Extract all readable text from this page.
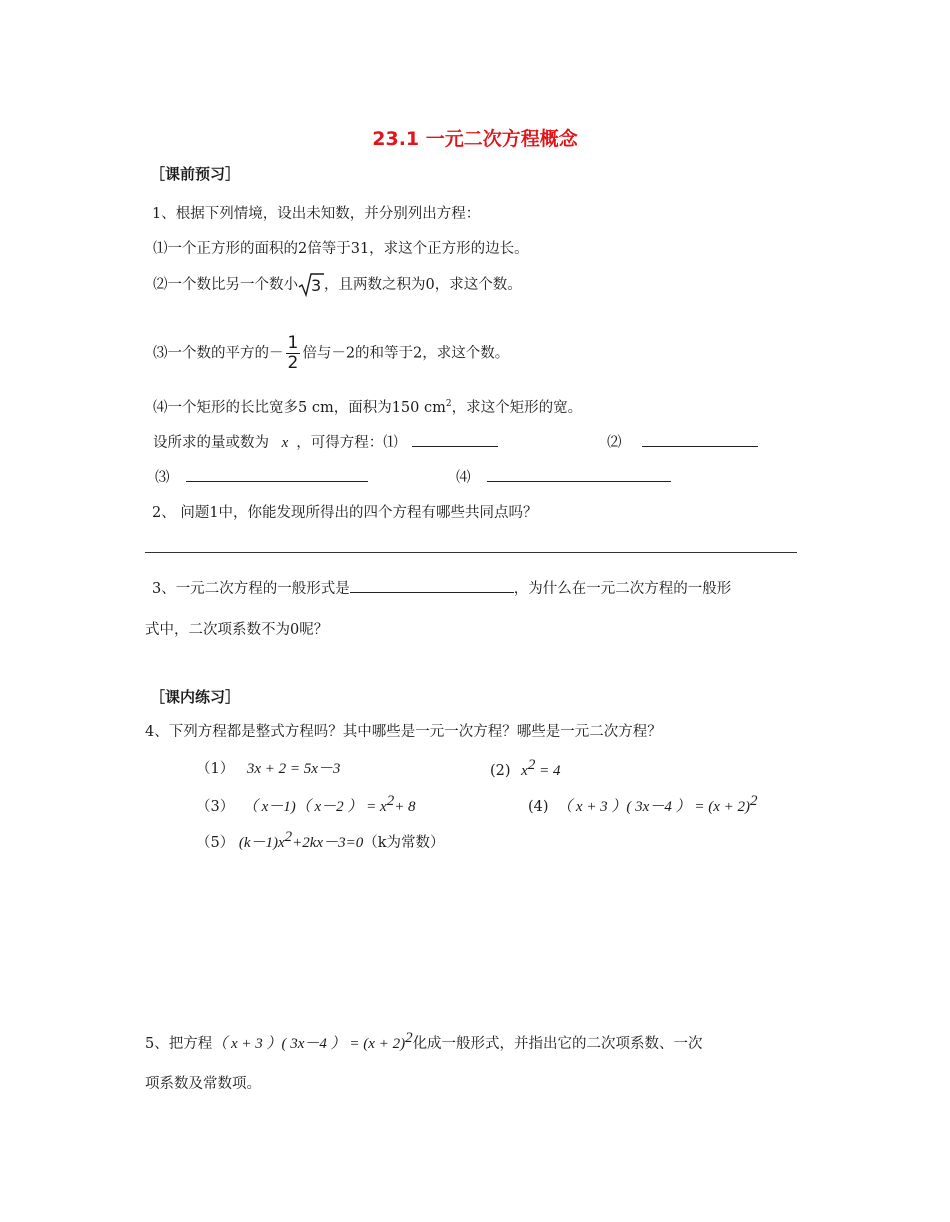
23.1 一元二次方程概念
［课前预习］
1、根据下列情境，设出未知数，并分别列出方程：
⑴一个正方形的面积的2倍等于31，求这个正方形的边长。
⑵一个数比另一个数小 3 ，且两数之积为0，求这个数。
⑶一个数的平方的－ $\frac{1}{2}$ 倍与－2的和等于2，求这个数。
⑷一个矩形的长比宽多5 cm，面积为150 $cm^2$，求这个矩形的宽。
设所求的量或数为 x ，可得方程：⑴	⑵
⑶	⑷
2、 问题1中，你能发现所得出的四个方程有哪些共同点吗？
3、一元二次方程的一般形式是	，为什么在一元二次方程的一般形
式中，二次项系数不为0呢？
［课内练习］
4、下列方程都是整式方程吗？其中哪些是一元一次方程？哪些是一元二次方程？
（1） 3x + 2 = 5x－3	(2) $x^2 = 4$
（3） （ x－1)（ x－2 ） = $x^2+ 8$	(4) （ x + 3 ）( 3x－4 ） = $(x + 2)^2$
（5） $(k-1)x^2+2kx-3=0(k$为常数）
5、把方程（ x + 3 ）( 3x－4 ） = $(x + 2)^2$化成一般形式，并指出它的二次项系数、一次
项系数及常数项。
